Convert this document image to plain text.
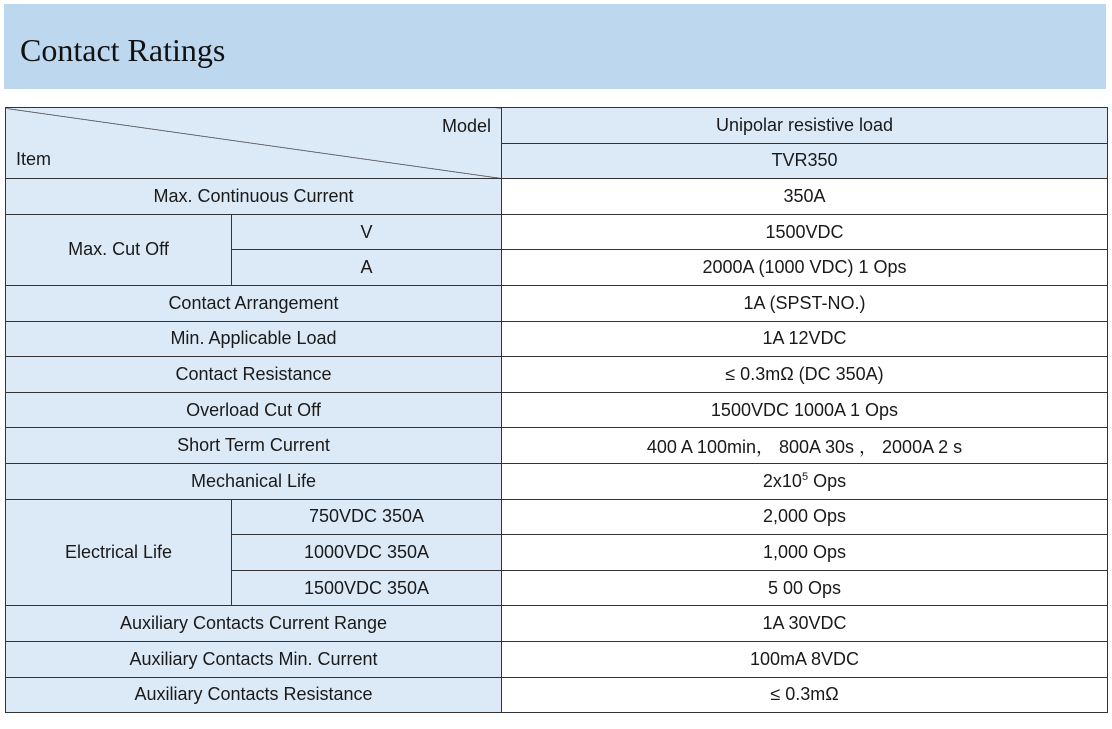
Contact Ratings
Model
Item		Unipolar resistive load
		TVR350
Max. Continuous Current		350A
Max. Cut Off	V	1500VDC
	A	2000A (1000 VDC) 1 Ops
Contact Arrangement		1A (SPST-NO.)
Min. Applicable Load		1A 12VDC
Contact Resistance		≤ 0.3mΩ (DC 350A)
Overload Cut Off		1500VDC 1000A 1 Ops
Short Term Current		400 A 100min， 800A 30s ， 2000A 2 s
Mechanical Life		$2x10^5$ Ops
Electrical Life	750VDC 350A	2,000 Ops
	1000VDC 350A	1,000 Ops
	1500VDC 350A	5 00 Ops
Auxiliary Contacts Current Range		1A 30VDC
Auxiliary Contacts Min. Current		100mA 8VDC
Auxiliary Contacts Resistance		≤ 0.3mΩ
